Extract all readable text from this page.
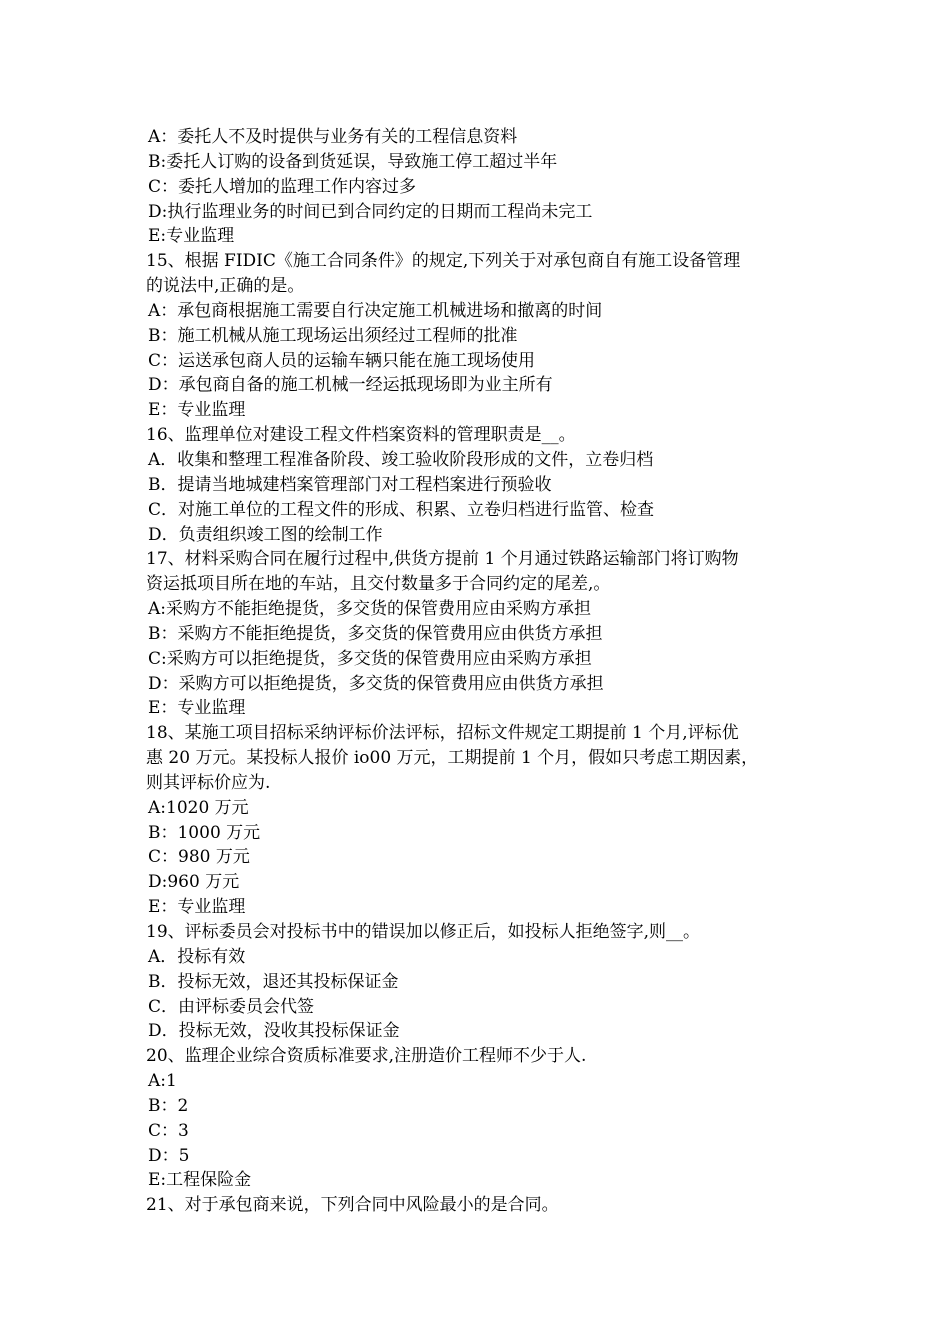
A：委托人不及时提供与业务有关的工程信息资料
B:委托人订购的设备到货延误，导致施工停工超过半年
C：委托人增加的监理工作内容过多
D:执行监理业务的时间已到合同约定的日期而工程尚未完工
E:专业监理
15、根据 FIDIC《施工合同条件》的规定,下列关于对承包商自有施工设备管理
的说法中,正确的是。
A：承包商根据施工需要自行决定施工机械进场和撤离的时间
B：施工机械从施工现场运出须经过工程师的批准
C：运送承包商人员的运输车辆只能在施工现场使用
D：承包商自备的施工机械一经运抵现场即为业主所有
E：专业监理
16、监理单位对建设工程文件档案资料的管理职责是__。
A．收集和整理工程准备阶段、竣工验收阶段形成的文件，立卷归档
B．提请当地城建档案管理部门对工程档案进行预验收
C．对施工单位的工程文件的形成、积累、立卷归档进行监管、检查
D．负责组织竣工图的绘制工作
17、材料采购合同在履行过程中,供货方提前 1 个月通过铁路运输部门将订购物
资运抵项目所在地的车站，且交付数量多于合同约定的尾差,。
A:采购方不能拒绝提货，多交货的保管费用应由采购方承担
B：采购方不能拒绝提货，多交货的保管费用应由供货方承担
C:采购方可以拒绝提货，多交货的保管费用应由采购方承担
D：采购方可以拒绝提货，多交货的保管费用应由供货方承担
E：专业监理
18、某施工项目招标采纳评标价法评标，招标文件规定工期提前 1 个月,评标优
惠 20 万元。某投标人报价 io00 万元，工期提前 1 个月，假如只考虑工期因素，
则其评标价应为.
A:1020 万元
B：1000 万元
C：980 万元
D:960 万元
E：专业监理
19、评标委员会对投标书中的错误加以修正后，如投标人拒绝签字,则__。
A．投标有效
B．投标无效，退还其投标保证金
C．由评标委员会代签
D．投标无效，没收其投标保证金
20、监理企业综合资质标准要求,注册造价工程师不少于人.
A:1
B：2
C：3
D：5
E:工程保险金
21、对于承包商来说，下列合同中风险最小的是合同。
